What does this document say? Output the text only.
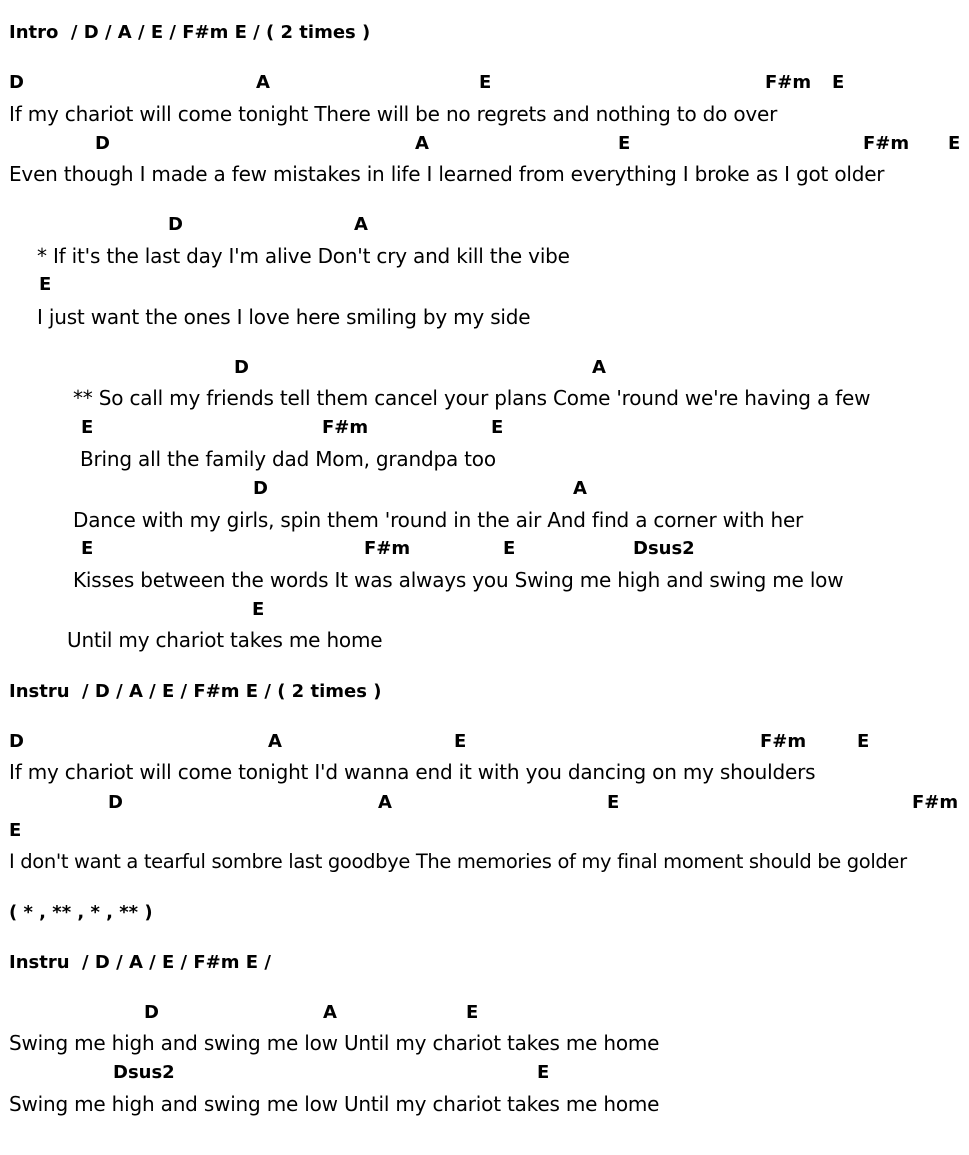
Intro  / D / A / E / F#m E / ( 2 times )
D	A	E	F#m E
If my chariot will come tonight There will be no regrets and nothing to do over
D	A	E	F#m E
Even though I made a few mistakes in life I learned from everything I broke as I got older
D	A
* If it's the last day I'm alive Don't cry and kill the vibe
E
I just want the ones I love here smiling by my side
D	A
** So call my friends tell them cancel your plans Come 'round we're having a few
E	F#m	E
Bring all the family dad Mom, grandpa too
D	A
Dance with my girls, spin them 'round in the air And find a corner with her
E	F#m	E	Dsus2
Kisses between the words It was always you Swing me high and swing me low
E
Until my chariot takes me home
Instru  / D / A / E / F#m E / ( 2 times )
D	A	E	F#m	E
If my chariot will come tonight I'd wanna end it with you dancing on my shoulders
D	A	E	F#m
E
I don't want a tearful sombre last goodbye The memories of my final moment should be golder
( * , ** , * , ** )
Instru  / D / A / E / F#m E /
D	A	E
Swing me high and swing me low Until my chariot takes me home
Dsus2	E
Swing me high and swing me low Until my chariot takes me home
